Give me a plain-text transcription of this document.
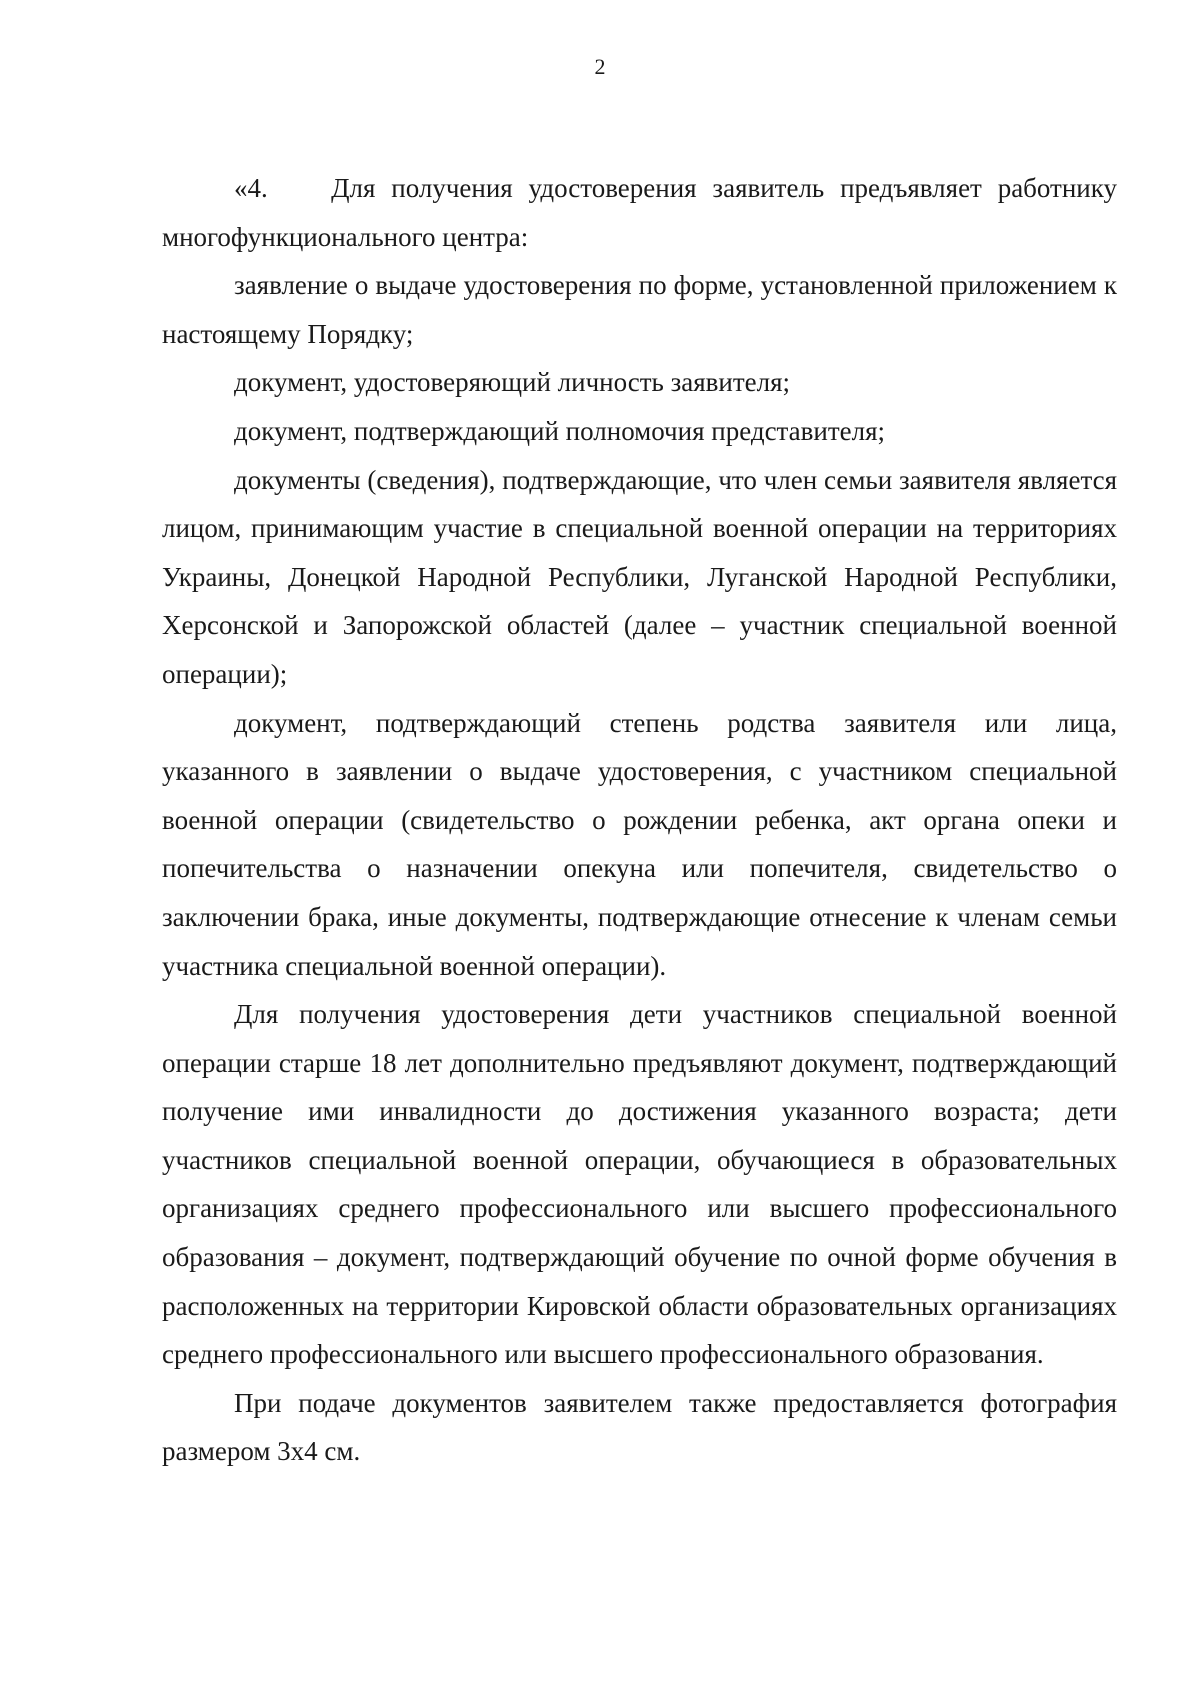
2

«4.    Для получения удостоверения заявитель предъявляет работнику многофункционального центра:

заявление о выдаче удостоверения по форме, установленной приложением к настоящему Порядку;

документ, удостоверяющий личность заявителя;

документ, подтверждающий полномочия представителя;

документы (сведения), подтверждающие, что член семьи заявителя является лицом, принимающим участие в специальной военной операции на территориях Украины, Донецкой Народной Республики, Луганской Народной Республики, Херсонской и Запорожской областей (далее – участник специальной военной операции);

документ, подтверждающий степень родства заявителя или лица, указанного в заявлении о выдаче удостоверения, с участником специальной военной операции (свидетельство о рождении ребенка, акт органа опеки и попечительства о назначении опекуна или попечителя, свидетельство о заключении брака, иные документы, подтверждающие отнесение к членам семьи участника специальной военной операции).

Для получения удостоверения дети участников специальной военной операции старше 18 лет дополнительно предъявляют документ, подтверждающий получение ими инвалидности до достижения указанного возраста; дети участников специальной военной операции, обучающиеся в образовательных организациях среднего профессионального или высшего профессионального образования – документ, подтверждающий обучение по очной форме обучения в расположенных на территории Кировской области образовательных организациях среднего профессионального или высшего профессионального образования.

При подаче документов заявителем также предоставляется фотография размером 3х4 см.
